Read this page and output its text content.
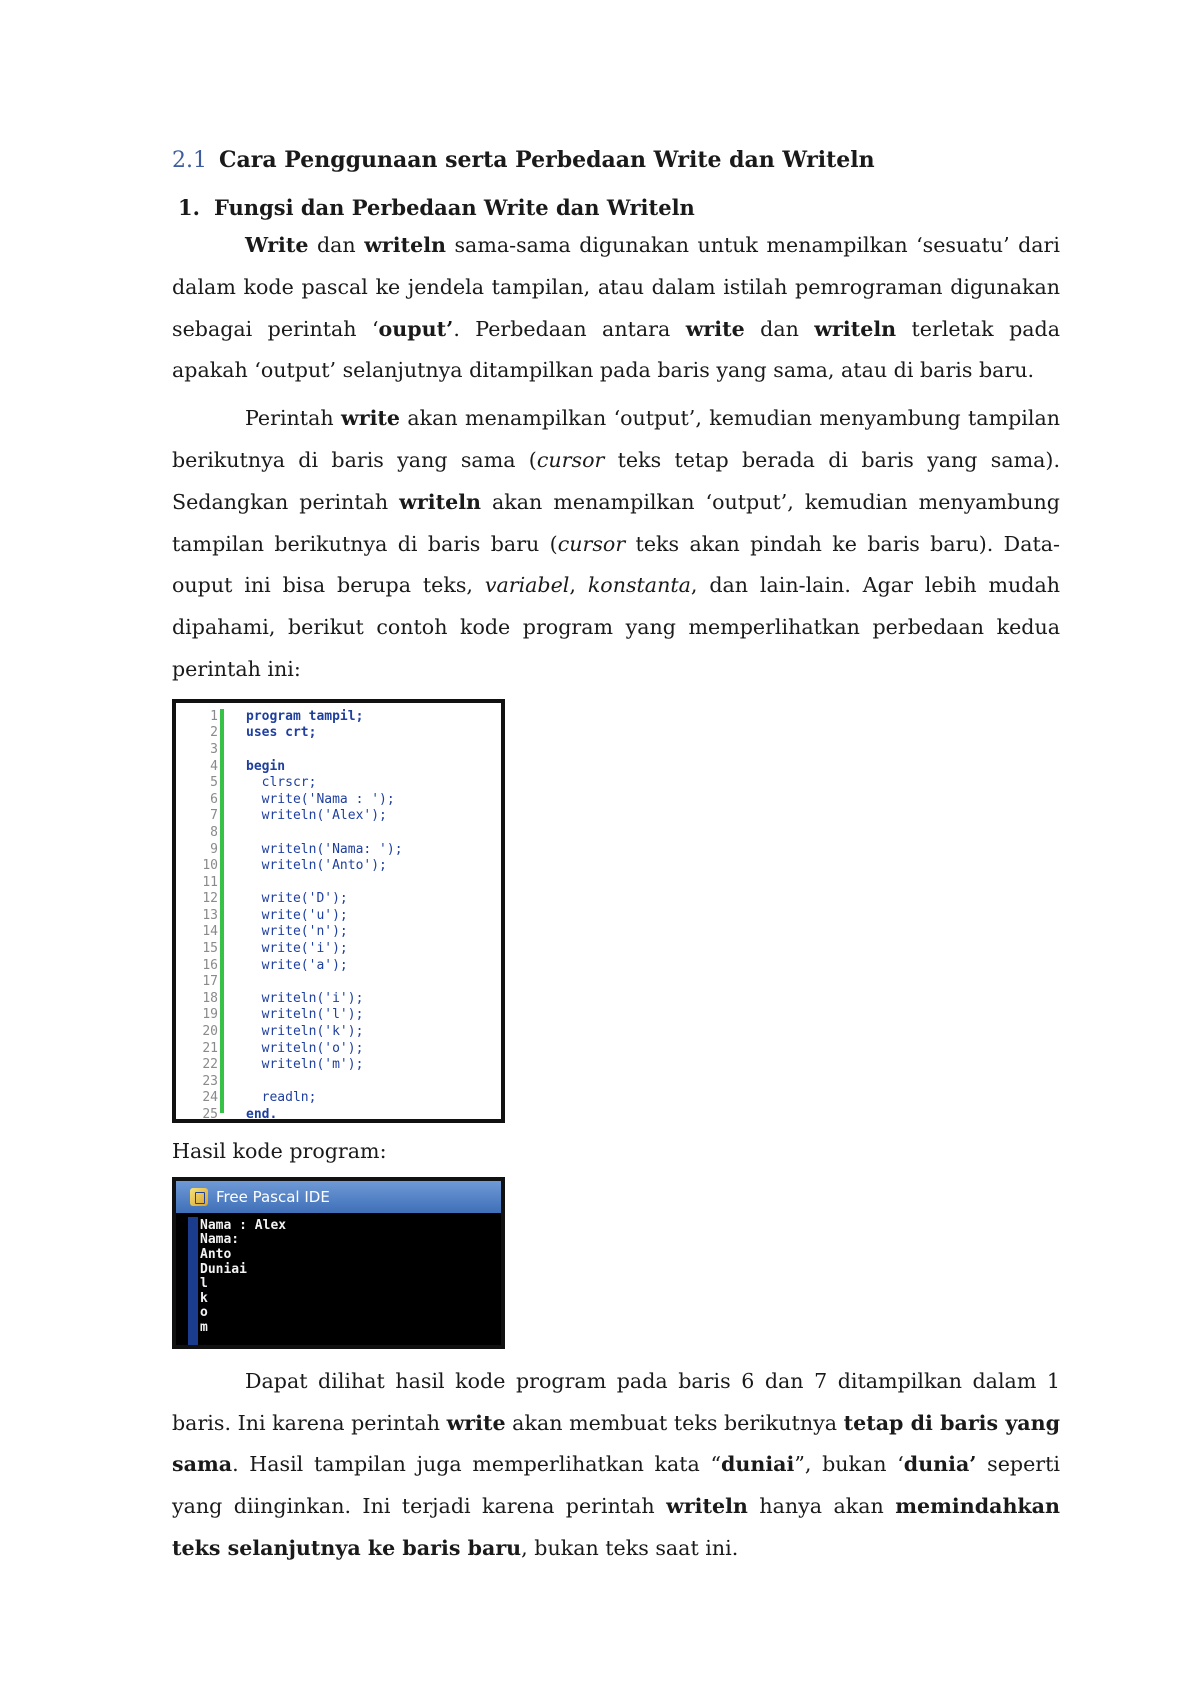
2.1 Cara Penggunaan serta Perbedaan Write dan Writeln
1. Fungsi dan Perbedaan Write dan Writeln

Write dan writeln sama-sama digunakan untuk menampilkan ‘sesuatu’ dari dalam kode pascal ke jendela tampilan, atau dalam istilah pemrograman digunakan sebagai perintah ‘ouput’. Perbedaan antara write dan writeln terletak pada apakah ‘output’ selanjutnya ditampilkan pada baris yang sama, atau di baris baru.

Perintah write akan menampilkan ‘output’, kemudian menyambung tampilan berikutnya di baris yang sama (cursor teks tetap berada di baris yang sama). Sedangkan perintah writeln akan menampilkan ‘output’, kemudian menyambung tampilan berikutnya di baris baru (cursor teks akan pindah ke baris baru). Data-ouput ini bisa berupa teks, variabel, konstanta, dan lain-lain. Agar lebih mudah dipahami, berikut contoh kode program yang memperlihatkan perbedaan kedua perintah ini:

1
2
3
4
5
6
7
8
9
10
11
12
13
14
15
16
17
18
19
20
21
22
23
24
25
program tampil;
uses crt;
begin
clrscr;
write('Nama : ');
writeln('Alex');
writeln('Nama: ');
writeln('Anto');
write('D');
write('u');
write('n');
write('i');
write('a');
writeln('i');
writeln('l');
writeln('k');
writeln('o');
writeln('m');
readln;
end.
Hasil kode program:
Free Pascal IDE
Nama : Alex
Nama:
Anto
Duniai
l
k
o
m

Dapat dilihat hasil kode program pada baris 6 dan 7 ditampilkan dalam 1 baris. Ini karena perintah write akan membuat teks berikutnya tetap di baris yang sama. Hasil tampilan juga memperlihatkan kata “duniai”, bukan ‘dunia’ seperti yang diinginkan. Ini terjadi karena perintah writeln hanya akan memindahkan teks selanjutnya ke baris baru, bukan teks saat ini.
